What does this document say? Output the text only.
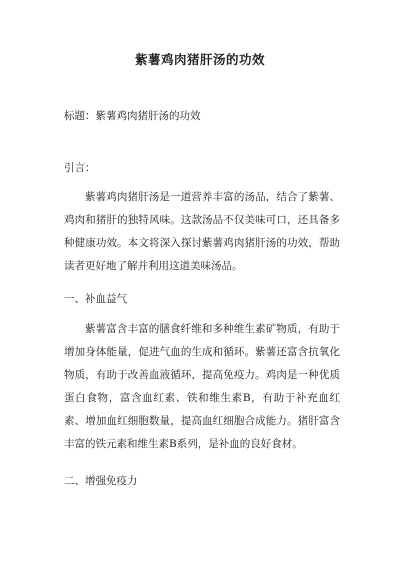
紫薯鸡肉猪肝汤的功效
标题：紫薯鸡肉猪肝汤的功效
引言：

紫薯鸡肉猪肝汤是一道营养丰富的汤品，结合了紫薯、鸡肉和猪肝的独特风味。这款汤品不仅美味可口，还具备多种健康功效。本文将深入探讨紫薯鸡肉猪肝汤的功效，帮助读者更好地了解并利用这道美味汤品。

一、补血益气

紫薯富含丰富的膳食纤维和多种维生素矿物质，有助于增加身体能量，促进气血的生成和循环。紫薯还富含抗氧化物质，有助于改善血液循环，提高免疫力。鸡肉是一种优质蛋白食物，富含血红素、铁和维生素B，有助于补充血红素、增加血红细胞数量，提高血红细胞合成能力。猪肝富含丰富的铁元素和维生素B系列，是补血的良好食材。

二、增强免疫力
